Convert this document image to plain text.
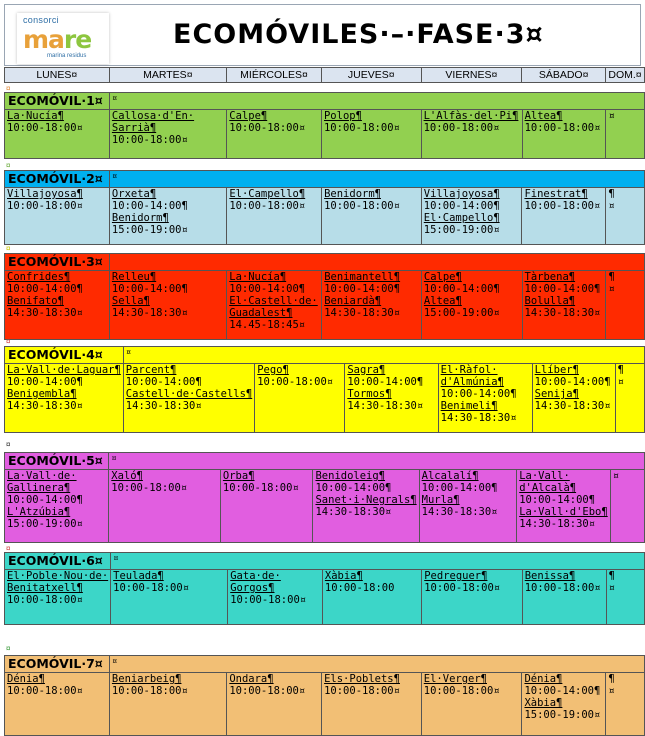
consorci
mare
marina residus
ECOMÓVILES·–·FASE·3¤
LUNES¤	MARTES¤	MIÉRCOLES¤	JUEVES¤	VIERNES¤	SÁBADO¤	DOM.¤
¤
ECOMÓVIL·1¤	¤					

La·Nucía¶
10:00-18:00¤	Callosa·d'En·
Sarrià¶
10:00-18:00¤	Calpe¶
10:00-18:00¤	Polop¶
10:00-18:00¤	L'Alfàs·del·Pi¶
10:00-18:00¤	Altea¶
10:00-18:00¤	¤
¤
ECOMÓVIL·2¤	¤					

Villajoyosa¶
10:00-18:00¤	Orxeta¶
10:00-14:00¶
Benidorm¶
15:00-19:00¤	El·Campello¶
10:00-18:00¤	Benidorm¶
10:00-18:00¤	Villajoyosa¶
10:00-14:00¶
El·Campello¶
15:00-19:00¤	Finestrat¶
10:00-18:00¤	¶
¤
¤
ECOMÓVIL·3¤						

Confrides¶
10:00-14:00¶
Benifato¶
14:30-18:30¤	Relleu¶
10:00-14:00¶
Sella¶
14:30-18:30¤	La·Nucía¶
10:00-14:00¶
El·Castell·de·
Guadalest¶
14.45-18:45¤	Benimantell¶
10:00-14:00¶
Beniardà¶
14:30-18:30¤	Calpe¶
10:00-14:00¶
Altea¶
15:00-19:00¤	Tàrbena¶
10:00-14:00¶
Bolulla¶
14:30-18:30¤	¶
¤
¤
ECOMÓVIL·4¤	¤					

La·Vall·de·Laguar¶
10:00-14:00¶
Benigembla¶
14:30-18:30¤	Parcent¶
10:00-14:00¶
Castell·de·Castells¶
14:30-18:30¤	Pego¶
10:00-18:00¤	Sagra¶
10:00-14:00¶
Tormos¶
14:30-18:30¤	El·Ràfol·
d'Almúnia¶
10:00-14:00¶
Benimeli¶
14:30-18:30¤	Llíber¶
10:00-14:00¶
Senija¶
14:30-18:30¤	¶
¤
¤
ECOMÓVIL·5¤	¤					

La·Vall·de·
Gallinera¶
10:00-14:00¶
L'Atzúbia¶
15:00-19:00¤	Xaló¶
10:00-18:00¤	Orba¶
10:00-18:00¤	Benidoleig¶
10:00-14:00¶
Sanet·i·Negrals¶
14:30-18:30¤	Alcalalí¶
10:00-14:00¶
Murla¶
14:30-18:30¤	La·Vall·
d'Alcalà¶
10:00-14:00¶
La·Vall·d'Ebo¶
14:30-18:30¤	¤
¤
ECOMÓVIL·6¤	¤					

El·Poble·Nou·de·
Benitatxell¶
10:00-18:00¤	Teulada¶
10:00-18:00¤	Gata·de·
Gorgos¶
10:00-18:00¤	Xàbia¶
10:00-18:00	Pedreguer¶
10:00-18:00¤	Benissa¶
10:00-18:00¤	¶
¤
¤
ECOMÓVIL·7¤	¤					

Dénia¶
10:00-18:00¤	Beniarbeig¶
10:00-18:00¤	Ondara¶
10:00-18:00¤	Els·Poblets¶
10:00-18:00¤	El·Verger¶
10:00-18:00¤	Dénia¶
10:00-14:00¶
Xàbia¶
15:00-19:00¤	¶
¤
